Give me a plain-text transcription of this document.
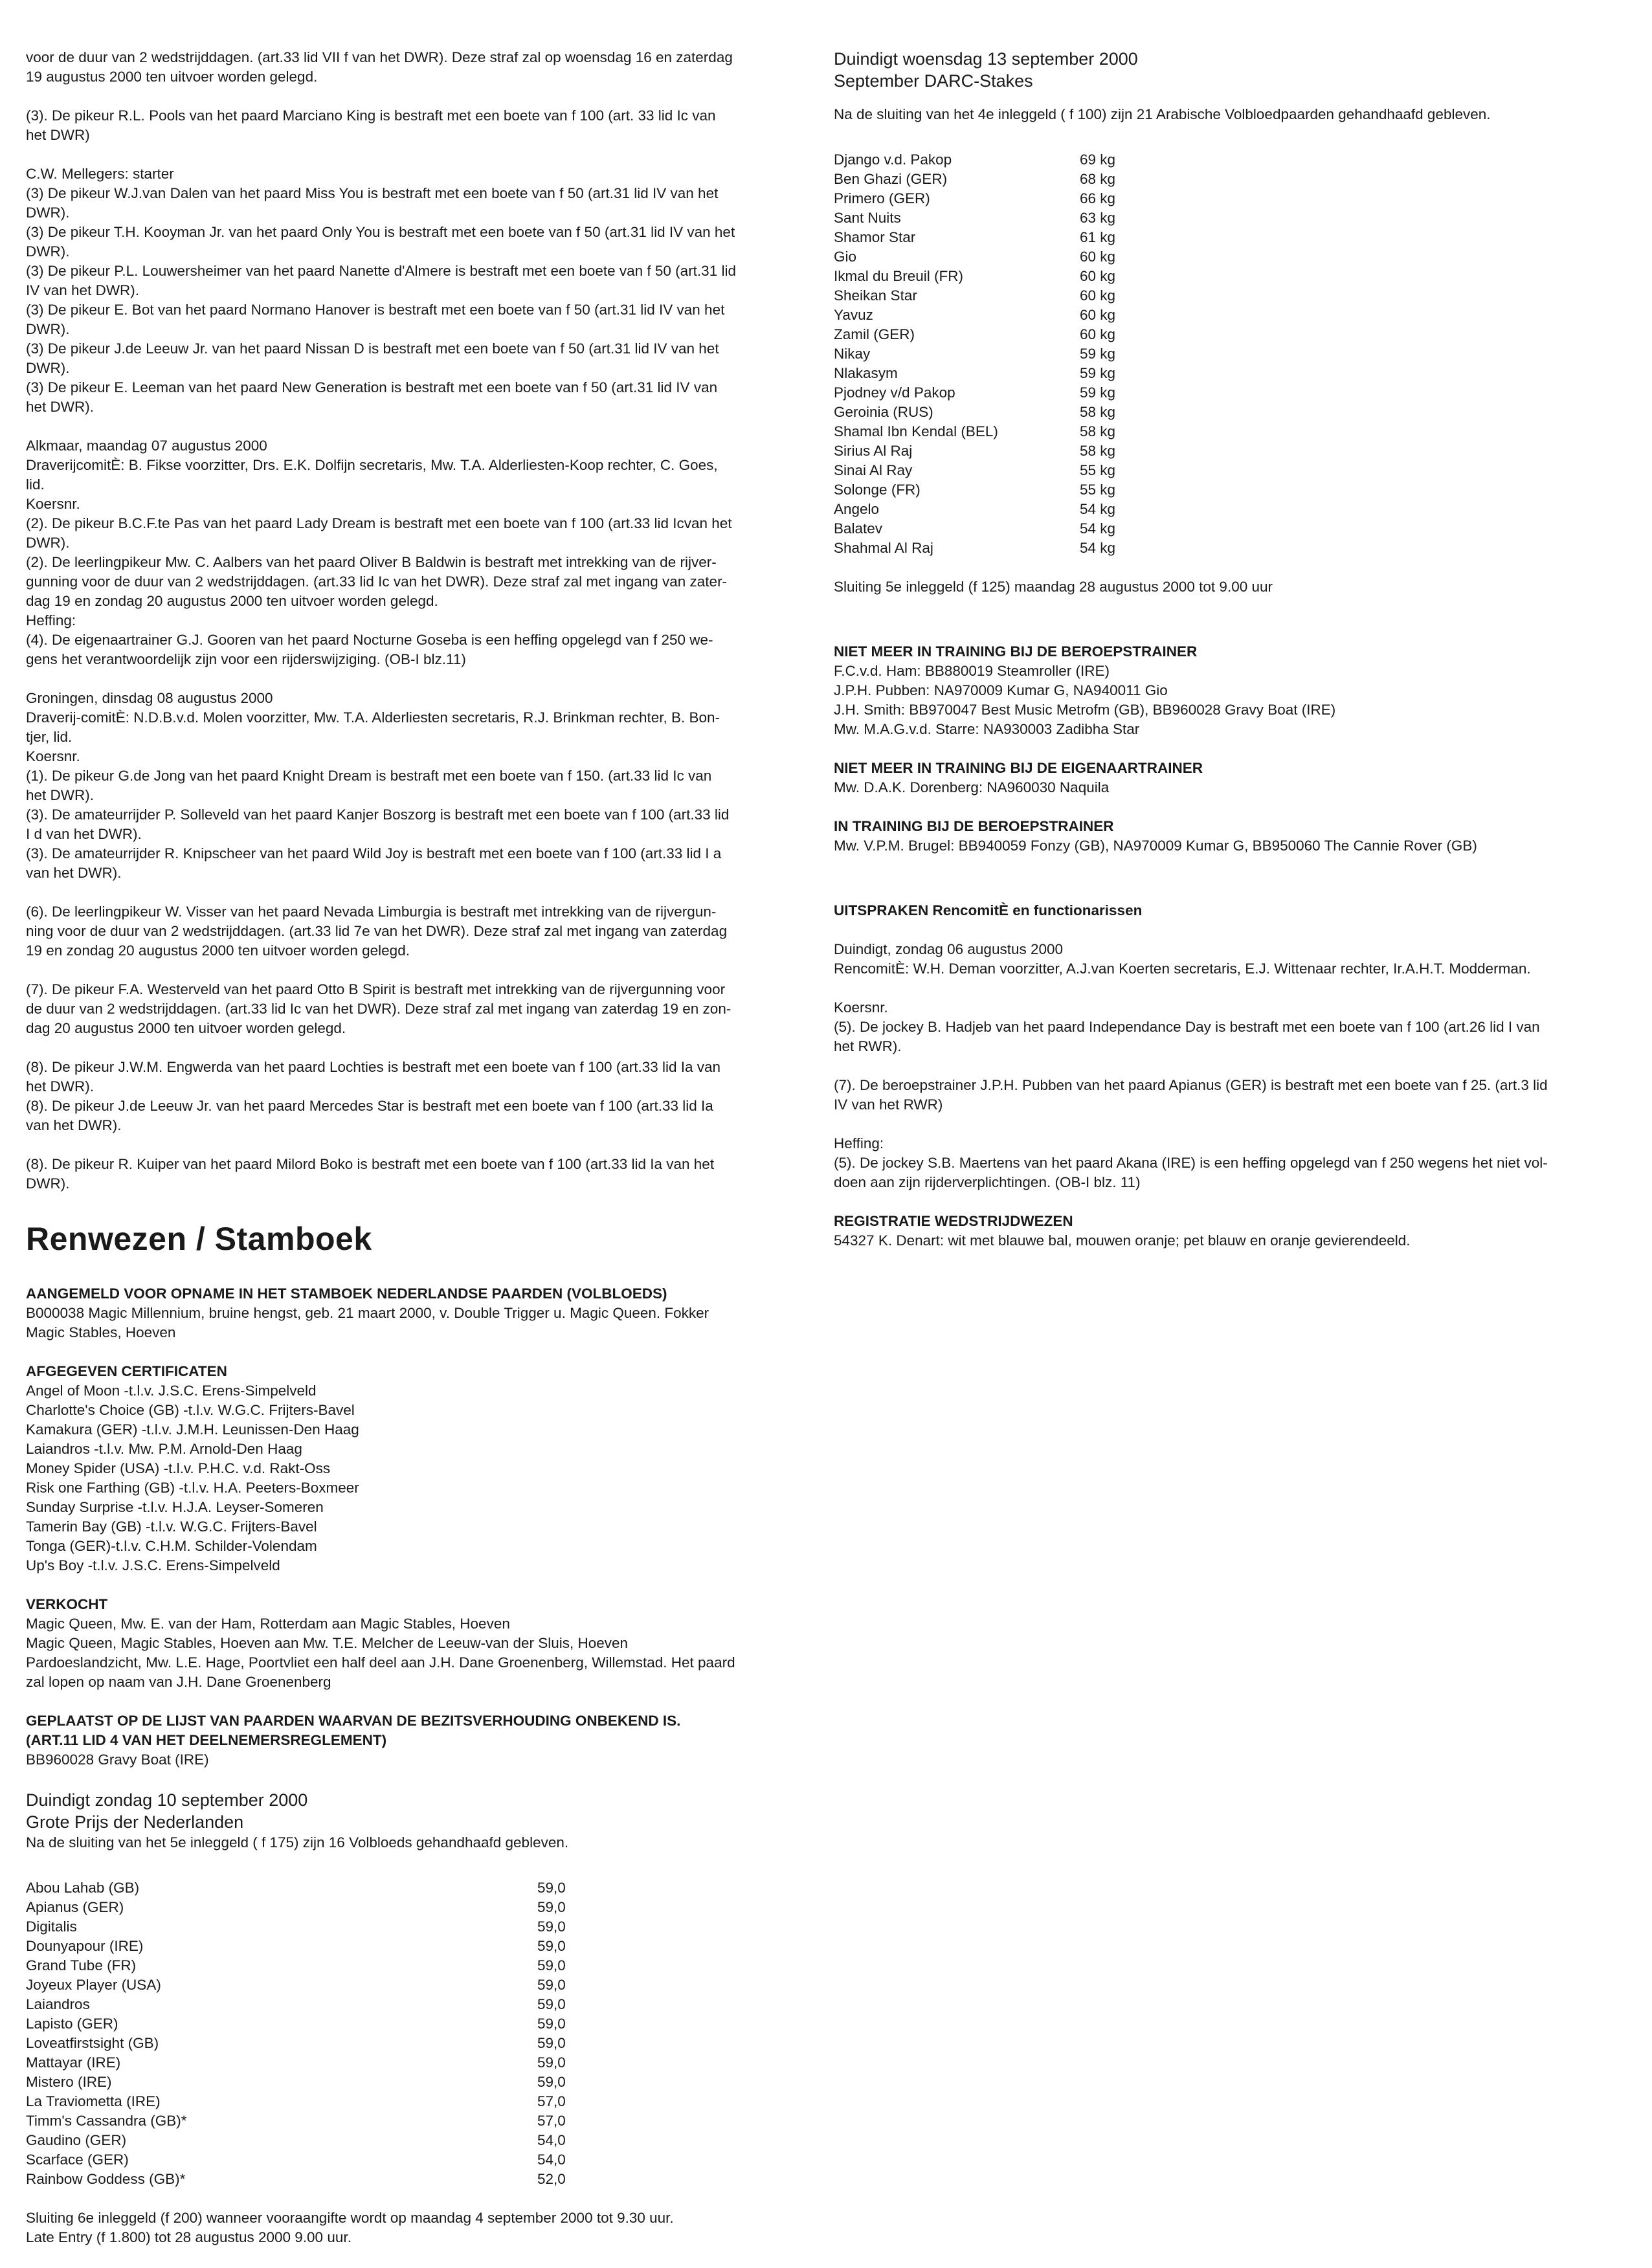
voor de duur van 2 wedstrijddagen. (art.33 lid VII f van het DWR). Deze straf zal op woensdag 16 en zaterdag
19 augustus 2000 ten uitvoer worden gelegd.
(3). De pikeur R.L. Pools van het paard Marciano King is bestraft met een boete van f 100 (art. 33 lid Ic van
het DWR)
C.W. Mellegers: starter
(3) De pikeur W.J.van Dalen van het paard Miss You is bestraft met een boete van f 50 (art.31 lid IV van het
DWR).
(3) De pikeur T.H. Kooyman Jr. van het paard Only You is bestraft met een boete van f 50 (art.31 lid IV van het
DWR).
(3) De pikeur P.L. Louwersheimer van het paard Nanette d'Almere is bestraft met een boete van f 50 (art.31 lid
IV van het DWR).
(3) De pikeur E. Bot van het paard Normano Hanover is bestraft met een boete van f 50 (art.31 lid IV van het
DWR).
(3) De pikeur J.de Leeuw Jr. van het paard Nissan D is bestraft met een boete van f 50 (art.31 lid IV van het
DWR).
(3) De pikeur E. Leeman van het paard New Generation is bestraft met een boete van f 50 (art.31 lid IV van
het DWR).
Alkmaar, maandag 07 augustus 2000
DraverijcomitÈ: B. Fikse voorzitter, Drs. E.K. Dolfijn secretaris, Mw. T.A. Alderliesten-Koop rechter, C. Goes,
lid.
Koersnr.
(2). De pikeur B.C.F.te Pas van het paard Lady Dream is bestraft met een boete van f 100 (art.33 lid Icvan het
DWR).
(2). De leerlingpikeur Mw. C. Aalbers van het paard Oliver B Baldwin is bestraft met intrekking van de rijver-
gunning voor de duur van 2 wedstrijddagen. (art.33 lid Ic van het DWR). Deze straf zal met ingang van zater-
dag 19 en zondag 20 augustus 2000 ten uitvoer worden gelegd.
Heffing:
(4). De eigenaartrainer G.J. Gooren van het paard Nocturne Goseba is een heffing opgelegd van f 250 we-
gens het verantwoordelijk zijn voor een rijderswijziging. (OB-I blz.11)
Groningen, dinsdag 08 augustus 2000
Draverij-comitÈ: N.D.B.v.d. Molen voorzitter, Mw. T.A. Alderliesten secretaris, R.J. Brinkman rechter, B. Bon-
tjer, lid.
Koersnr.
(1). De pikeur G.de Jong van het paard Knight Dream is bestraft met een boete van f 150. (art.33 lid Ic van
het DWR).
(3). De amateurrijder P. Solleveld van het paard Kanjer Boszorg is bestraft met een boete van f 100 (art.33 lid
I d van het DWR).
(3). De amateurrijder R. Knipscheer van het paard Wild Joy is bestraft met een boete van f 100 (art.33 lid I a
van het DWR).
(6). De leerlingpikeur W. Visser van het paard Nevada Limburgia is bestraft met intrekking van de rijvergun-
ning voor de duur van 2 wedstrijddagen. (art.33 lid 7e van het DWR). Deze straf zal met ingang van zaterdag
19 en zondag 20 augustus 2000 ten uitvoer worden gelegd.
(7). De pikeur F.A. Westerveld van het paard Otto B Spirit is bestraft met intrekking van de rijvergunning voor
de duur van 2 wedstrijddagen. (art.33 lid Ic van het DWR). Deze straf zal met ingang van zaterdag 19 en zon-
dag 20 augustus 2000 ten uitvoer worden gelegd.
(8). De pikeur J.W.M. Engwerda van het paard Lochties is bestraft met een boete van f 100 (art.33 lid Ia van
het DWR).
(8). De pikeur J.de Leeuw Jr. van het paard Mercedes Star is bestraft met een boete van f 100 (art.33 lid Ia
van het DWR).
(8). De pikeur R. Kuiper van het paard Milord Boko is bestraft met een boete van f 100 (art.33 lid Ia van het
DWR).
Renwezen / Stamboek
AANGEMELD VOOR OPNAME IN HET STAMBOEK NEDERLANDSE PAARDEN (VOLBLOEDS)
B000038 Magic Millennium, bruine hengst, geb. 21 maart 2000, v. Double Trigger u. Magic Queen. Fokker
Magic Stables, Hoeven
AFGEGEVEN CERTIFICATEN
Angel of Moon -t.l.v. J.S.C. Erens-Simpelveld
Charlotte's Choice (GB) -t.l.v. W.G.C. Frijters-Bavel
Kamakura (GER) -t.l.v. J.M.H. Leunissen-Den Haag
Laiandros -t.l.v. Mw. P.M. Arnold-Den Haag
Money Spider (USA) -t.l.v. P.H.C. v.d. Rakt-Oss
Risk one Farthing (GB) -t.l.v. H.A. Peeters-Boxmeer
Sunday Surprise -t.l.v. H.J.A. Leyser-Someren
Tamerin Bay (GB) -t.l.v. W.G.C. Frijters-Bavel
Tonga (GER)-t.l.v. C.H.M. Schilder-Volendam
Up's Boy -t.l.v. J.S.C. Erens-Simpelveld
VERKOCHT
Magic Queen, Mw. E. van der Ham, Rotterdam aan Magic Stables, Hoeven
Magic Queen, Magic Stables, Hoeven aan Mw. T.E. Melcher de Leeuw-van der Sluis, Hoeven
Pardoeslandzicht, Mw. L.E. Hage, Poortvliet een half deel aan J.H. Dane Groenenberg, Willemstad. Het paard
zal lopen op naam van J.H. Dane Groenenberg
GEPLAATST OP DE LIJST VAN PAARDEN WAARVAN DE BEZITSVERHOUDING ONBEKEND IS.
(ART.11 LID 4 VAN HET DEELNEMERSREGLEMENT)
BB960028 Gravy Boat (IRE)
Duindigt zondag 10 september 2000
Grote Prijs der Nederlanden
Na de sluiting van het 5e inleggeld ( f 175) zijn 16 Volbloeds gehandhaafd gebleven.
Abou Lahab (GB)	59,0
Apianus (GER)	59,0
Digitalis	59,0
Dounyapour (IRE)	59,0
Grand Tube (FR)	59,0
Joyeux Player (USA)	59,0
Laiandros	59,0
Lapisto (GER)	59,0
Loveatfirstsight (GB)	59,0
Mattayar (IRE)	59,0
Mistero (IRE)	59,0
La Traviometta (IRE)	57,0
Timm's Cassandra (GB)*	57,0
Gaudino (GER)	54,0
Scarface (GER)	54,0
Rainbow Goddess (GB)*	52,0
Sluiting 6e inleggeld (f 200) wanneer vooraangifte wordt op maandag 4 september 2000 tot 9.30 uur.
Late Entry (f 1.800) tot 28 augustus 2000 9.00 uur.
Duindigt woensdag 13 september 2000
September DARC-Stakes
Na de sluiting van het 4e inleggeld ( f 100) zijn 21 Arabische Volbloedpaarden gehandhaafd gebleven.
Django v.d. Pakop	69 kg
Ben Ghazi (GER)	68 kg
Primero (GER)	66 kg
Sant Nuits	63 kg
Shamor Star	61 kg
Gio	60 kg
Ikmal du Breuil (FR)	60 kg
Sheikan Star	60 kg
Yavuz	60 kg
Zamil (GER)	60 kg
Nikay	59 kg
Nlakasym	59 kg
Pjodney v/d Pakop	59 kg
Geroinia (RUS)	58 kg
Shamal Ibn Kendal (BEL)	58 kg
Sirius Al Raj	58 kg
Sinai Al Ray	55 kg
Solonge (FR)	55 kg
Angelo	54 kg
Balatev	54 kg
Shahmal Al Raj	54 kg
Sluiting 5e inleggeld (f 125) maandag 28 augustus 2000 tot 9.00 uur
NIET MEER IN TRAINING BIJ DE BEROEPSTRAINER
F.C.v.d. Ham: BB880019 Steamroller (IRE)
J.P.H. Pubben: NA970009 Kumar G, NA940011 Gio
J.H. Smith: BB970047 Best Music Metrofm (GB), BB960028 Gravy Boat (IRE)
Mw. M.A.G.v.d. Starre: NA930003 Zadibha Star
NIET MEER IN TRAINING BIJ DE EIGENAARTRAINER
Mw. D.A.K. Dorenberg: NA960030 Naquila
IN TRAINING BIJ DE BEROEPSTRAINER
Mw. V.P.M. Brugel: BB940059 Fonzy (GB), NA970009 Kumar G, BB950060 The Cannie Rover (GB)
UITSPRAKEN RencomitÈ en functionarissen
Duindigt, zondag 06 augustus 2000
RencomitÈ: W.H. Deman voorzitter, A.J.van Koerten secretaris, E.J. Wittenaar rechter, Ir.A.H.T. Modderman.
Koersnr.
(5). De jockey B. Hadjeb van het paard Independance Day is bestraft met een boete van f 100 (art.26 lid I van
het RWR).
(7). De beroepstrainer J.P.H. Pubben van het paard Apianus (GER) is bestraft met een boete van f 25. (art.3 lid
IV van het RWR)
Heffing:
(5). De jockey S.B. Maertens van het paard Akana (IRE) is een heffing opgelegd van f 250 wegens het niet vol-
doen aan zijn rijderverplichtingen. (OB-I blz. 11)
REGISTRATIE WEDSTRIJDWEZEN
54327 K. Denart: wit met blauwe bal, mouwen oranje; pet blauw en oranje gevierendeeld.
